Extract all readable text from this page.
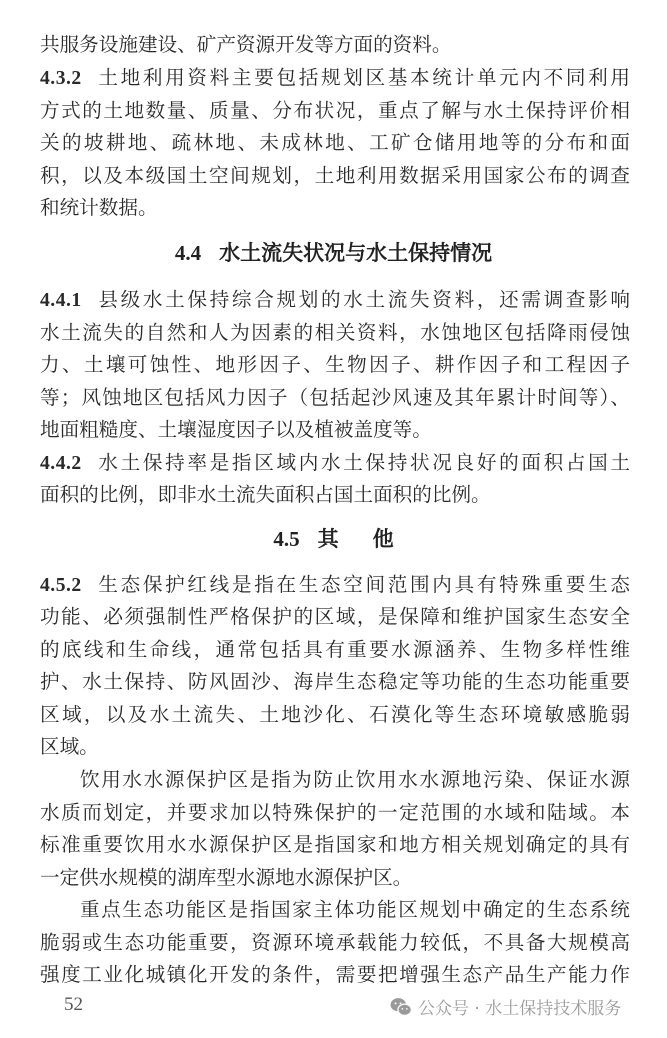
共服务设施建设、矿产资源开发等方面的资料。
4.3.2 土地利用资料主要包括规划区基本统计单元内不同利用
方式的土地数量、质量、分布状况，重点了解与水土保持评价相
关的坡耕地、疏林地、未成林地、工矿仓储用地等的分布和面
积，以及本级国土空间规划，土地利用数据采用国家公布的调查
和统计数据。
4.4 水土流失状况与水土保持情况
4.4.1 县级水土保持综合规划的水土流失资料，还需调查影响
水土流失的自然和人为因素的相关资料，水蚀地区包括降雨侵蚀
力、土壤可蚀性、地形因子、生物因子、耕作因子和工程因子
等；风蚀地区包括风力因子（包括起沙风速及其年累计时间等）、
地面粗糙度、土壤湿度因子以及植被盖度等。
4.4.2 水土保持率是指区域内水土保持状况良好的面积占国土
面积的比例，即非水土流失面积占国土面积的比例。
4.5 其 他
4.5.2 生态保护红线是指在生态空间范围内具有特殊重要生态
功能、必须强制性严格保护的区域，是保障和维护国家生态安全
的底线和生命线，通常包括具有重要水源涵养、生物多样性维
护、水土保持、防风固沙、海岸生态稳定等功能的生态功能重要
区域，以及水土流失、土地沙化、石漠化等生态环境敏感脆弱
区域。
饮用水水源保护区是指为防止饮用水水源地污染、保证水源
水质而划定，并要求加以特殊保护的一定范围的水域和陆域。本
标准重要饮用水水源保护区是指国家和地方相关规划确定的具有
一定供水规模的湖库型水源地水源保护区。
重点生态功能区是指国家主体功能区规划中确定的生态系统
脆弱或生态功能重要，资源环境承载能力较低，不具备大规模高
强度工业化城镇化开发的条件，需要把增强生态产品生产能力作
52	公众号 · 水土保持技术服务
